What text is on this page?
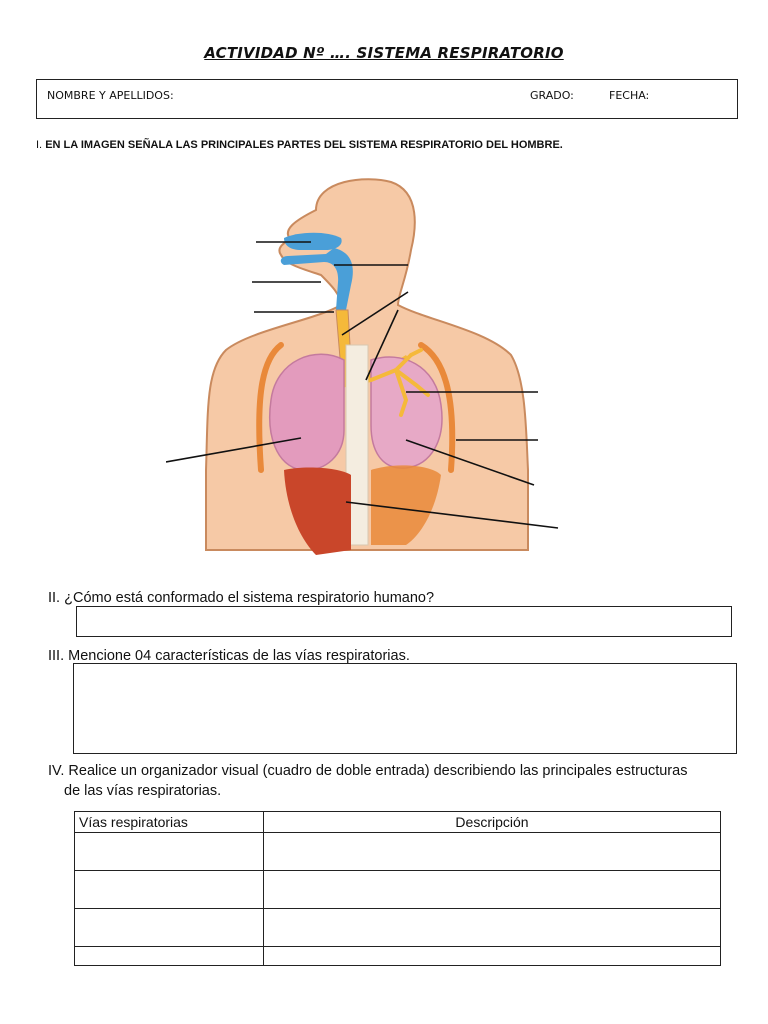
ACTIVIDAD Nº …. SISTEMA RESPIRATORIO
NOMBRE Y APELLIDOS:	GRADO:	FECHA:
I. EN LA IMAGEN SEÑALA LAS PRINCIPALES PARTES DEL SISTEMA RESPIRATORIO DEL HOMBRE.
II. ¿Cómo está conformado el sistema respiratorio humano?
III. Mencione 04 características de las vías respiratorias.
IV. Realice un organizador visual (cuadro de doble entrada) describiendo las principales estructuras
de las vías respiratorias.
Vías respiratorias	Descripción
